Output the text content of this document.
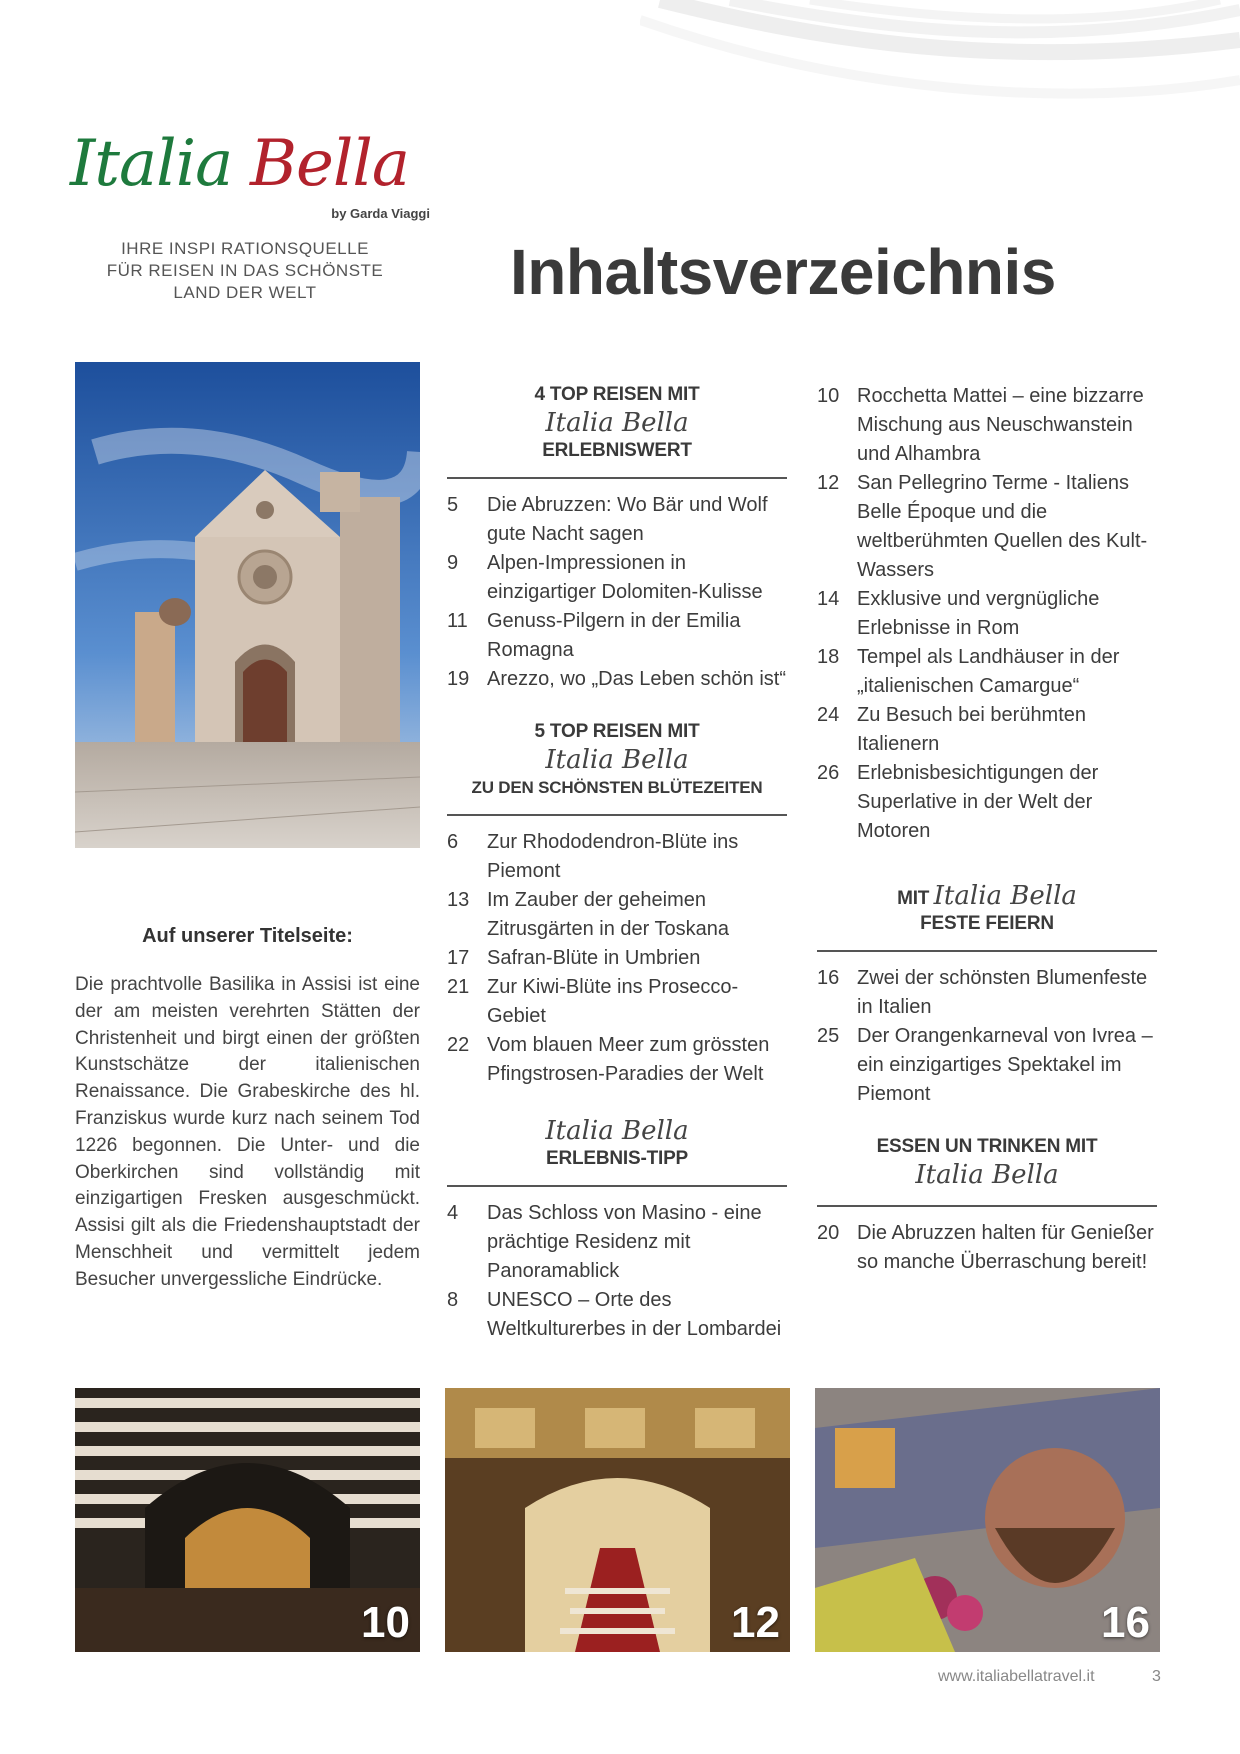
Italia Bella
by Garda Viaggi
IHRE INSPI RATIONSQUELLE
FÜR REISEN IN DAS SCHÖNSTE
LAND DER WELT	Inhaltsverzeichnis
Auf unserer Titelseite:
Die prachtvolle Basilika in Assisi ist eine der am meisten verehrten Stätten der Christenheit und birgt einen der größten Kunstschätze der italienischen Renaissance. Die Grabeskirche des hl. Franziskus wurde kurz nach seinem Tod 1226 begonnen. Die Unter- und die Oberkirchen sind vollständig mit einzigartigen Fresken ausgeschmückt. Assisi gilt als die Friedenshauptstadt der Menschheit und vermittelt jedem Besucher unvergessliche Eindrücke.
4 TOP REISEN MIT
Italia Bella
ERLEBNISWERT
5	Die Abruzzen: Wo Bär und Wolf gute Nacht sagen
9	Alpen-Impressionen in einzigartiger Dolomiten-Kulisse
11 Genuss-Pilgern in der Emilia Romagna
19 Arezzo, wo „Das Leben schön ist“
5 TOP REISEN MIT
Italia Bella
ZU DEN SCHÖNSTEN BLÜTEZEITEN
6	Zur Rhododendron-Blüte ins Piemont
13 Im Zauber der geheimen Zitrusgärten in der Toskana
17 Safran-Blüte in Umbrien
21 Zur Kiwi-Blüte ins Prosecco-Gebiet
22 Vom blauen Meer zum grössten Pfingstrosen-Paradies der Welt
Italia Bella
ERLEBNIS-TIPP
4	Das Schloss von Masino - eine prächtige Residenz mit Panoramablick
8	UNESCO – Orte des Weltkulturerbes in der Lombardei
10 Rocchetta Mattei – eine bizzarre Mischung aus Neuschwanstein und Alhambra
12 San Pellegrino Terme - Italiens Belle Époque und die weltberühmten Quellen des Kult-Wassers
14 Exklusive und vergnügliche Erlebnisse in Rom
18 Tempel als Landhäuser in der „italienischen Camargue“
24 Zu Besuch bei berühmten Italienern
26 Erlebnisbesichtigungen der Superlative in der Welt der Motoren
MIT Italia Bella
FESTE FEIERN
16 Zwei der schönsten Blumenfeste in Italien
25 Der Orangenkarneval von Ivrea – ein einzigartiges Spektakel im Piemont
ESSEN UN TRINKEN MIT
Italia Bella
20 Die Abruzzen halten für Genießer so manche Überraschung bereit!
10	12	16
www.italiabellatravel.it	3
